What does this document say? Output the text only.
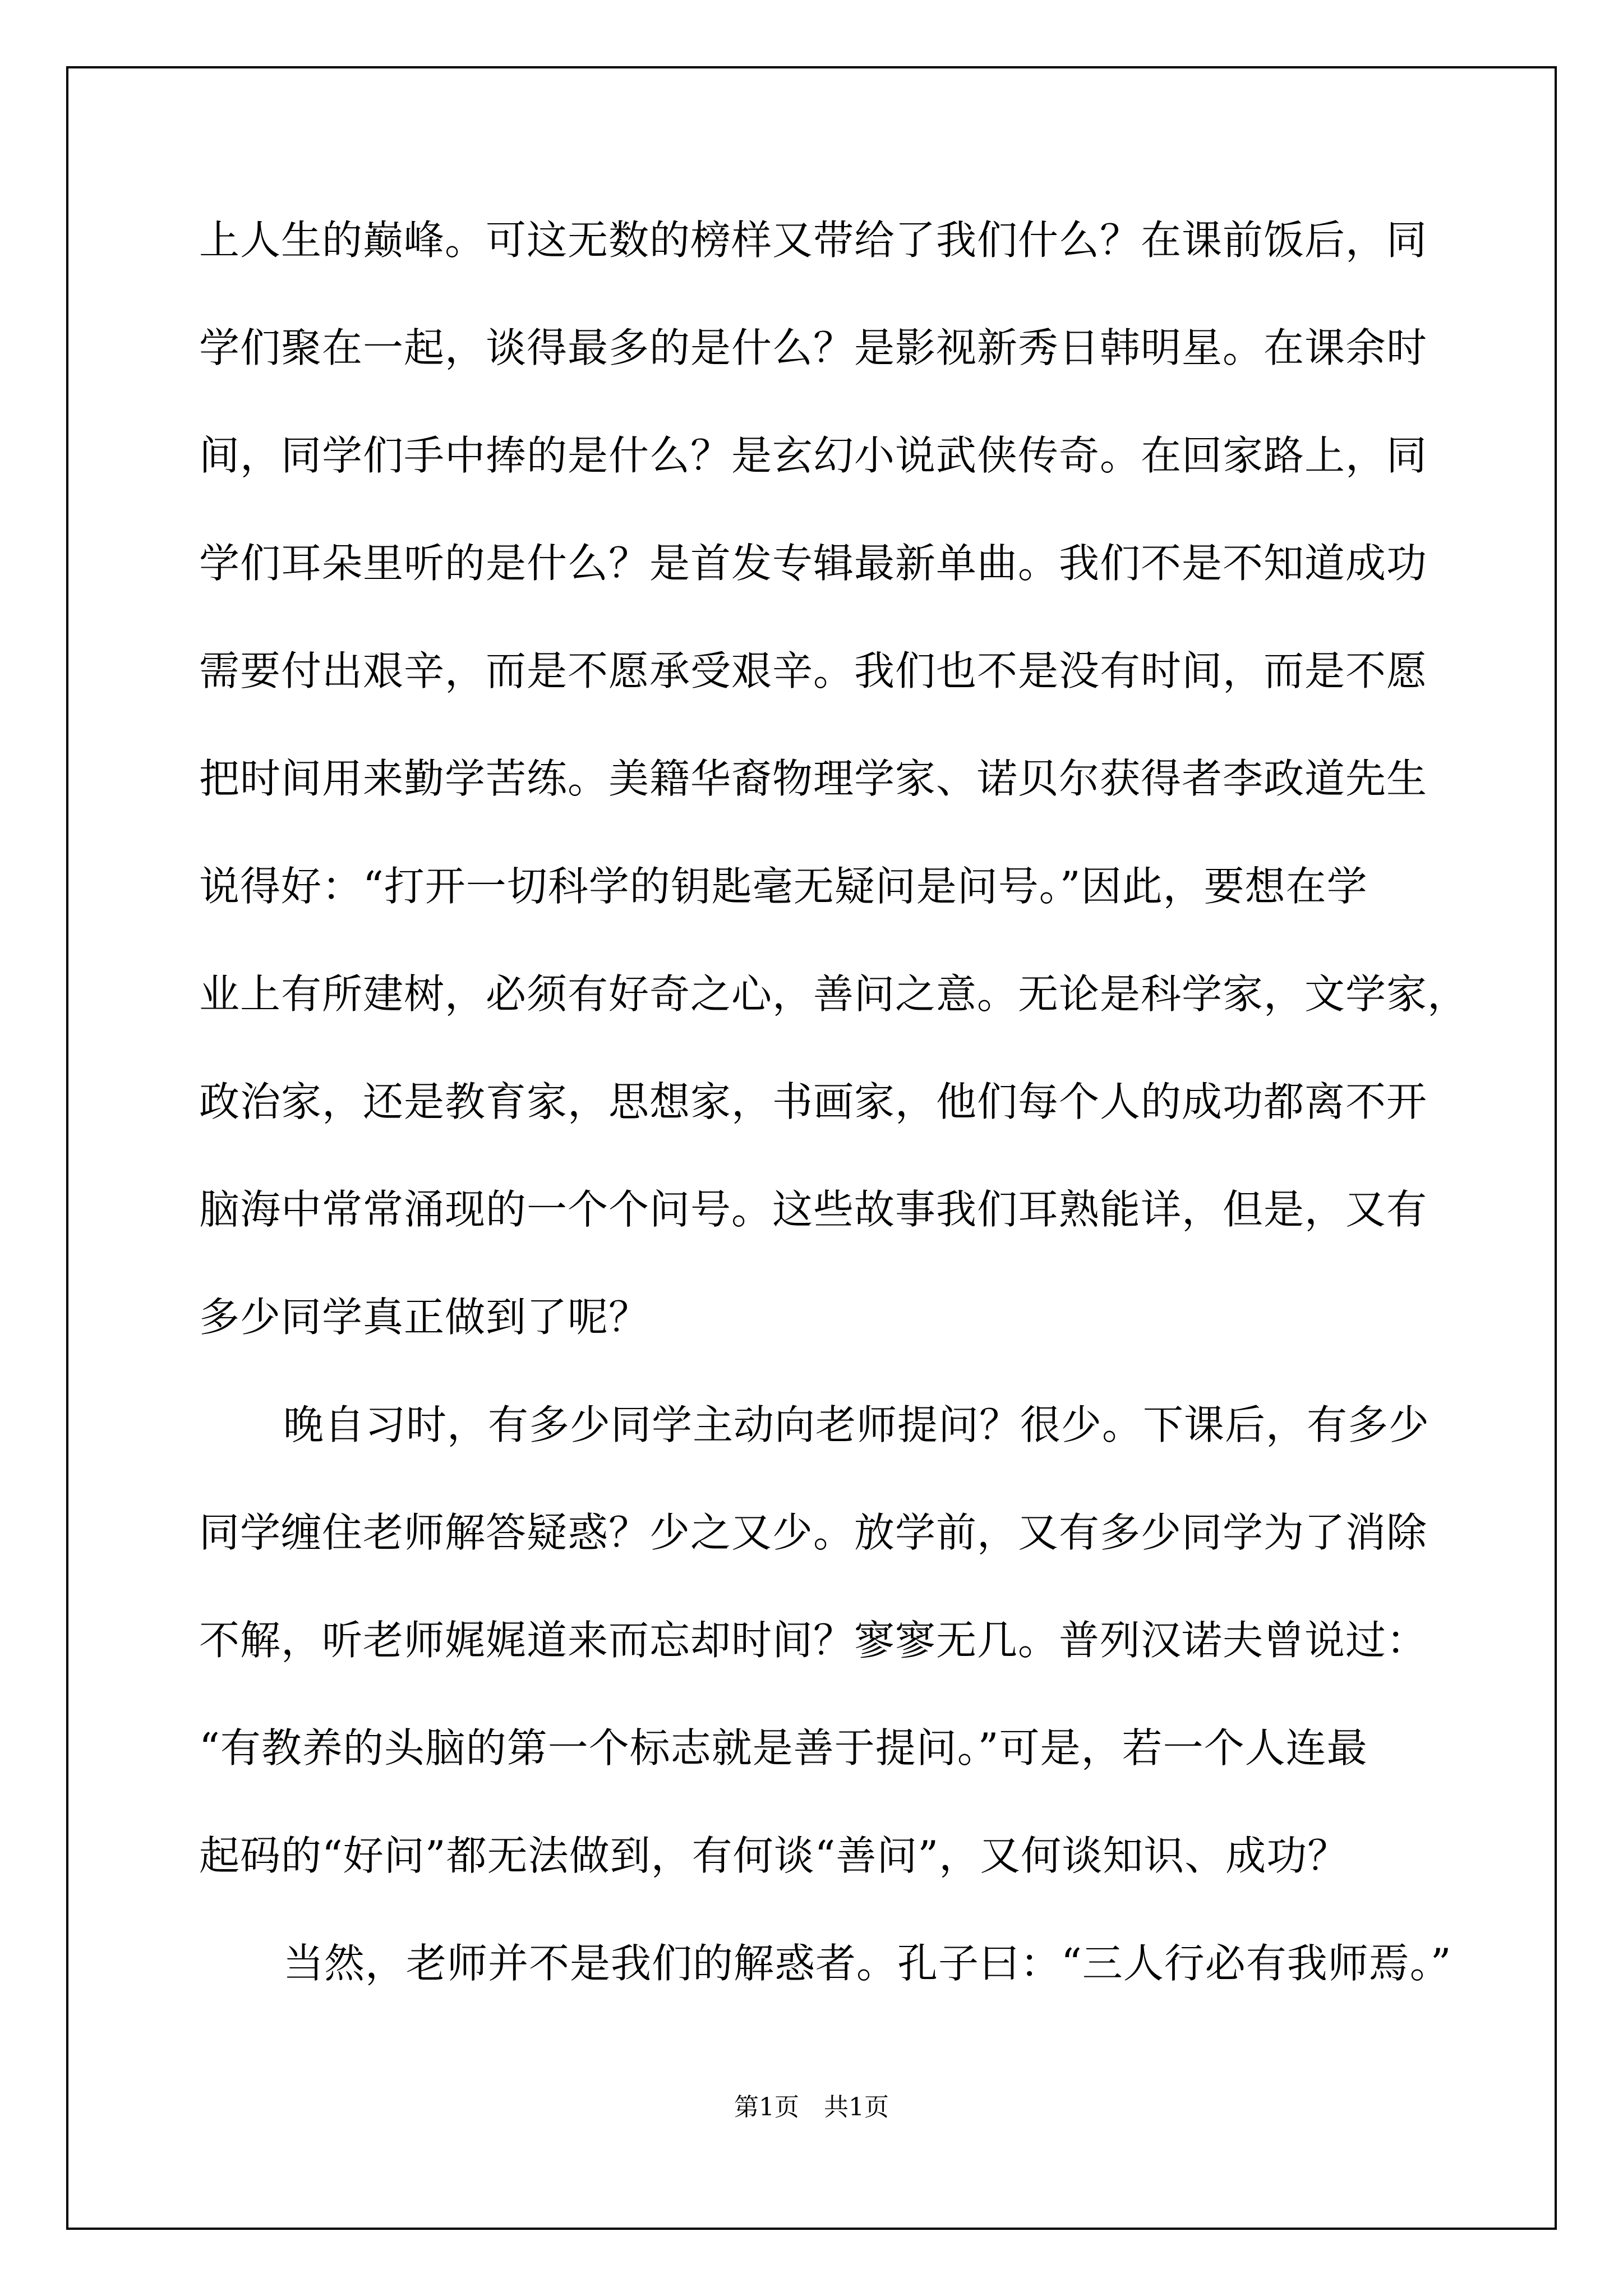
上人生的巅峰。可这无数的榜样又带给了我们什么？在课前饭后，同
学们聚在一起，谈得最多的是什么？是影视新秀日韩明星。在课余时
间，同学们手中捧的是什么？是玄幻小说武侠传奇。在回家路上，同
学们耳朵里听的是什么？是首发专辑最新单曲。我们不是不知道成功
需要付出艰辛，而是不愿承受艰辛。我们也不是没有时间，而是不愿
把时间用来勤学苦练。美籍华裔物理学家、诺贝尔获得者李政道先生
说得好：“打开一切科学的钥匙毫无疑问是问号。”因此，要想在学
业上有所建树，必须有好奇之心，善问之意。无论是科学家，文学家，
政治家，还是教育家，思想家，书画家，他们每个人的成功都离不开
脑海中常常涌现的一个个问号。这些故事我们耳熟能详，但是，又有
多少同学真正做到了呢？
晚自习时，有多少同学主动向老师提问？很少。下课后，有多少
同学缠住老师解答疑惑？少之又少。放学前，又有多少同学为了消除
不解，听老师娓娓道来而忘却时间？寥寥无几。普列汉诺夫曾说过：
“有教养的头脑的第一个标志就是善于提问。”可是，若一个人连最
起码的“好问”都无法做到，有何谈“善问”，又何谈知识、成功？
当然，老师并不是我们的解惑者。孔子曰：“三人行必有我师焉。”
第1页　共1页
